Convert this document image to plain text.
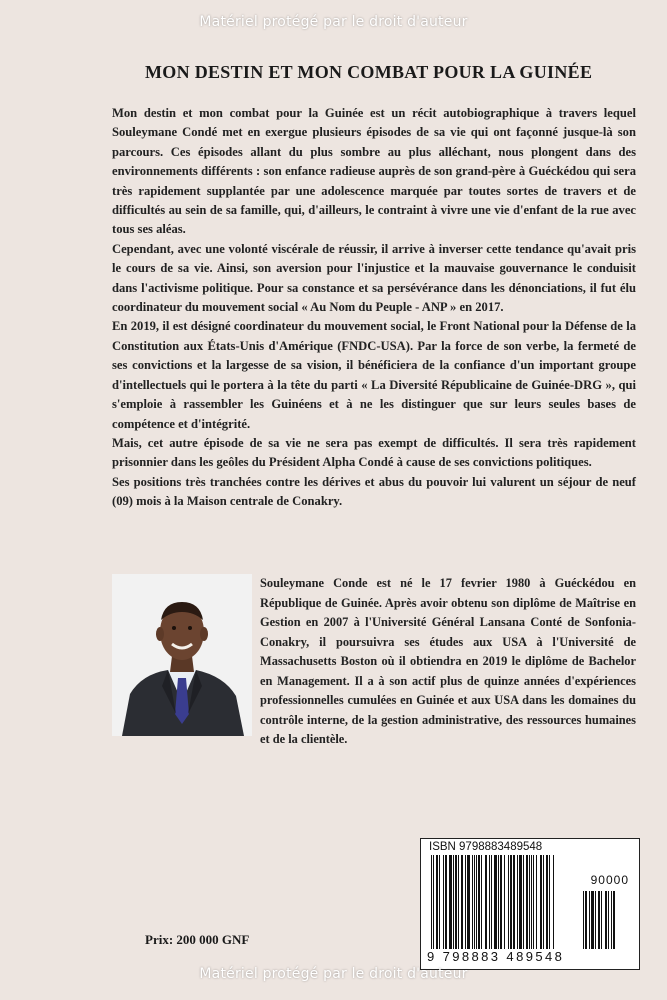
Matériel protégé par le droit d'auteur
MON DESTIN ET MON COMBAT POUR LA GUINÉE

Mon destin et mon combat pour la Guinée est un récit autobiographique à travers lequel Souleymane Condé met en exergue plusieurs épisodes de sa vie qui ont façonné jusque-là son parcours. Ces épisodes allant du plus sombre au plus alléchant, nous plongent dans des environnements différents : son enfance radieuse auprès de son grand-père à Guéckédou qui sera très rapidement supplantée par une adolescence marquée par toutes sortes de travers et de difficultés au sein de sa famille, qui, d'ailleurs, le contraint à vivre une vie d'enfant de la rue avec tous ses aléas.

Cependant, avec une volonté viscérale de réussir, il arrive à inverser cette tendance qu'avait pris le cours de sa vie. Ainsi, son aversion pour l'injustice et la mauvaise gouvernance le conduisit dans l'activisme politique. Pour sa constance et sa persévérance dans les dénonciations, il fut élu coordinateur du mouvement social « Au Nom du Peuple - ANP » en 2017.

En 2019, il est désigné coordinateur du mouvement social, le Front National pour la Défense de la Constitution aux États-Unis d'Amérique (FNDC-USA). Par la force de son verbe, la fermeté de ses convictions et la largesse de sa vision, il bénéficiera de la confiance d'un important groupe d'intellectuels qui le portera à la tête du parti « La Diversité Républicaine de Guinée-DRG », qui s'emploie à rassembler les Guinéens et à ne les distinguer que sur leurs seules bases de compétence et d'intégrité.

Mais, cet autre épisode de sa vie ne sera pas exempt de difficultés. Il sera très rapidement prisonnier dans les geôles du Président Alpha Condé à cause de ses convictions politiques.

Ses positions très tranchées contre les dérives et abus du pouvoir lui valurent un séjour de neuf (09) mois à la Maison centrale de Conakry.

Souleymane Conde est né le 17 fevrier 1980 à Guéckédou en République de Guinée. Après avoir obtenu son diplôme de Maîtrise en Gestion en 2007 à l'Université Général Lansana Conté de Sonfonia-Conakry, il poursuivra ses études aux USA à l'Université de Massachusetts Boston où il obtiendra en 2019 le diplôme de Bachelor en Management. Il a à son actif plus de quinze années d'expériences professionnelles cumulées en Guinée et aux USA dans les domaines du contrôle interne, de la gestion administrative, des ressources humaines et de la clientèle.
ISBN 9798883489548
90000
9 798883 489548
Prix: 200 000 GNF
Matériel protégé par le droit d'auteur
